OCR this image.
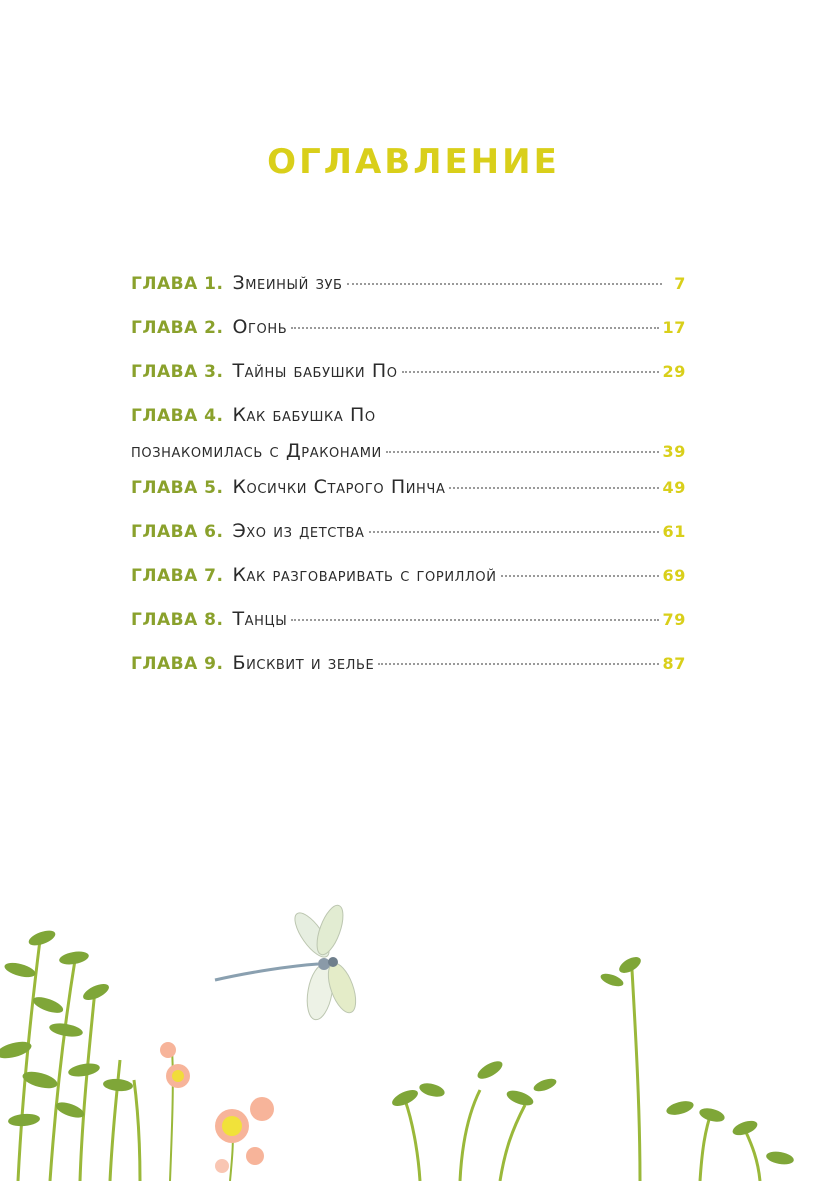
ОГЛАВЛЕНИЕ
ГЛАВА 1. Змеиный зуб	7
ГЛАВА 2. Огонь	17
ГЛАВА 3. Тайны бабушки По	29
ГЛАВА 4. Как бабушка По
познакомилась с Драконами	39
ГЛАВА 5. Косички Старого Пинча	49
ГЛАВА 6. Эхо из детства	61
ГЛАВА 7. Как разговаривать с гориллой	69
ГЛАВА 8. Танцы	79
ГЛАВА 9. Бисквит и зелье	87
